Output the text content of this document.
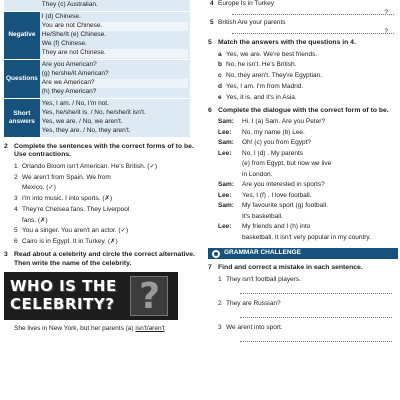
	They (c) Australian.

Negative	I (d) Chinese.
You are not Chinese.
He/She/It (e) Chinese.
We (f) Chinese.
They are not Chinese.

Questions	Are you American?
(g) he/she/it American?
Are we American?
(h) they American?

Short answers	Yes, I am. / No, I'm not.
Yes, he/she/it is. / No, he/she/it isn't.
Yes, we are. / No, we aren't.
Yes, they are. / No, they aren't.
2 Complete the sentences with the correct forms of to be. Use contractions.
1 Orlando Bloom isn't American. He's British. (✓)
2 We aren't from Spain. We from
Mexico. (✓)
3 I'm into music. I into sports. (✗)
4 They're Chelsea fans. They Liverpool
fans. (✗)
5 You a singer. You aren't an actor. (✓)
6 Cairo is in Egypt. It in Turkey. (✗)
3 Read about a celebrity and circle the correct alternative. Then write the name of the celebrity.
WHO IS THE
CELEBRITY? ?
She lives in New York, but her parents (a) isn't/aren't
4 Europe Is in Turkey
?
5 British Are your parents
?
5 Match the answers with the questions in 4.
a Yes, we are. We're best friends.
b No, he isn't. He's British.
c No, they aren't. They're Egyptian.
d Yes, I am. I'm from Madrid.
e Yes, it is, and it's in Asia.
6 Complete the dialogue with the correct form of to be.
Sam:	Hi. I (a) Sam. Are you Peter?
Lee:	No, my name (b) Lee.
Sam:	Oh! (c) you from Egypt?
Lee:	No, I (d) . My parents
(e) from Egypt, but now we live
in London.
Sam:	Are you interested in sports?
Lee:	Yes, I (f) . I love football.
Sam:	My favourite sport (g) football.
It's basketball.
Lee:	My friends and I (h) into
basketball. It isn't very popular in my country.
GRAMMAR CHALLENGE
7 Find and correct a mistake in each sentence.
1 They isn't football players.
2 They are Russian?
3 We arent into sport.
